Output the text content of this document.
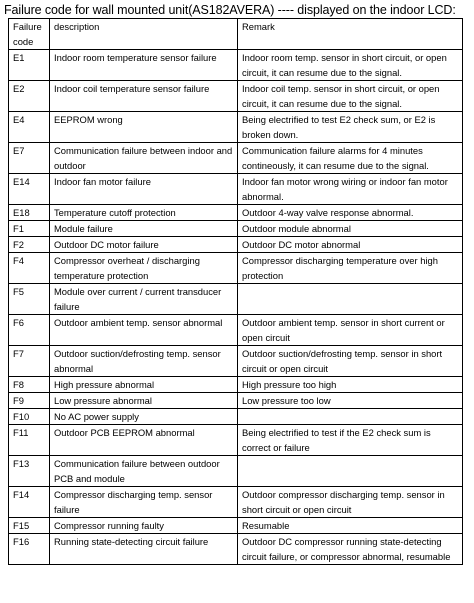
Failure code for wall mounted unit(AS182AVERA) ---- displayed on the indoor LCD:
Failure code	description	Remark
E1	Indoor room temperature sensor failure	Indoor room temp. sensor in short circuit, or open circuit, it can resume due to the signal.
E2	Indoor coil temperature sensor failure	Indoor coil temp. sensor in short circuit, or open circuit, it can resume due to the signal.
E4	EEPROM wrong	Being electrified to test E2 check sum, or E2 is broken down.
E7	Communication failure between indoor and outdoor	Communication failure alarms for 4 minutes contineously, it can resume due to the signal.
E14	Indoor fan motor failure	Indoor fan motor wrong wiring or indoor fan motor abnormal.
E18	Temperature cutoff protection	Outdoor 4-way valve response abnormal.
F1	Module failure	Outdoor module abnormal
F2	Outdoor DC motor failure	Outdoor DC motor abnormal
F4	Compressor overheat / discharging temperature protection	Compressor discharging temperature over high protection
F5	Module over current / current transducer failure	
F6	Outdoor ambient temp. sensor abnormal	Outdoor ambient temp. sensor in short current or open circuit
F7	Outdoor suction/defrosting temp. sensor abnormal	Outdoor suction/defrosting temp. sensor in short circuit or open circuit
F8	High pressure abnormal	High pressure too high
F9	Low pressure abnormal	Low pressure too low
F10	No AC power supply	
F11	Outdoor PCB EEPROM abnormal	Being electrified to test if the E2 check sum is correct or failure
F13	Communication failure between outdoor PCB and module	
F14	Compressor discharging temp. sensor failure	Outdoor compressor discharging temp. sensor in short circuit or open circuit
F15	Compressor running faulty	Resumable
F16	Running state-detecting circuit failure	Outdoor DC compressor running state-detecting circuit failure, or compressor abnormal, resumable
